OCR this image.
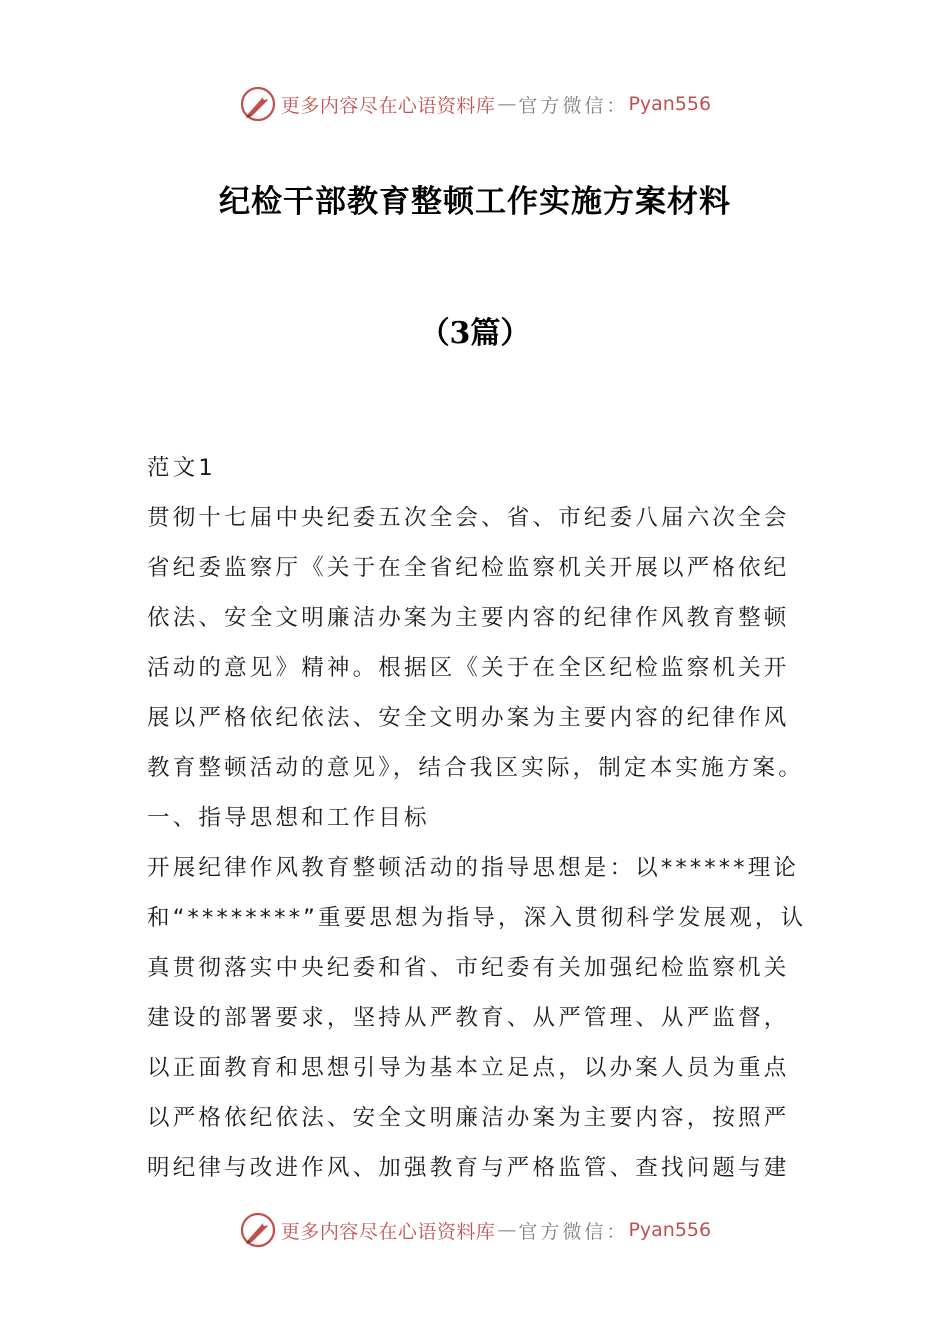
更多内容尽在心语资料库 — 官方微信： Pyan556
纪检干部教育整顿工作实施方案材料
（3篇）
范文1
贯彻十七届中央纪委五次全会、省、市纪委八届六次全会
省纪委监察厅《关于在全省纪检监察机关开展以严格依纪
依法、安全文明廉洁办案为主要内容的纪律作风教育整顿
活动的意见》精神。根据区《关于在全区纪检监察机关开
展以严格依纪依法、安全文明办案为主要内容的纪律作风
教育整顿活动的意见》，结合我区实际，制定本实施方案。
一、指导思想和工作目标
开展纪律作风教育整顿活动的指导思想是：以******理论
和“********”重要思想为指导，深入贯彻科学发展观，认
真贯彻落实中央纪委和省、市纪委有关加强纪检监察机关
建设的部署要求，坚持从严教育、从严管理、从严监督，
以正面教育和思想引导为基本立足点，以办案人员为重点
以严格依纪依法、安全文明廉洁办案为主要内容，按照严
明纪律与改进作风、加强教育与严格监管、查找问题与建
更多内容尽在心语资料库 — 官方微信： Pyan556
